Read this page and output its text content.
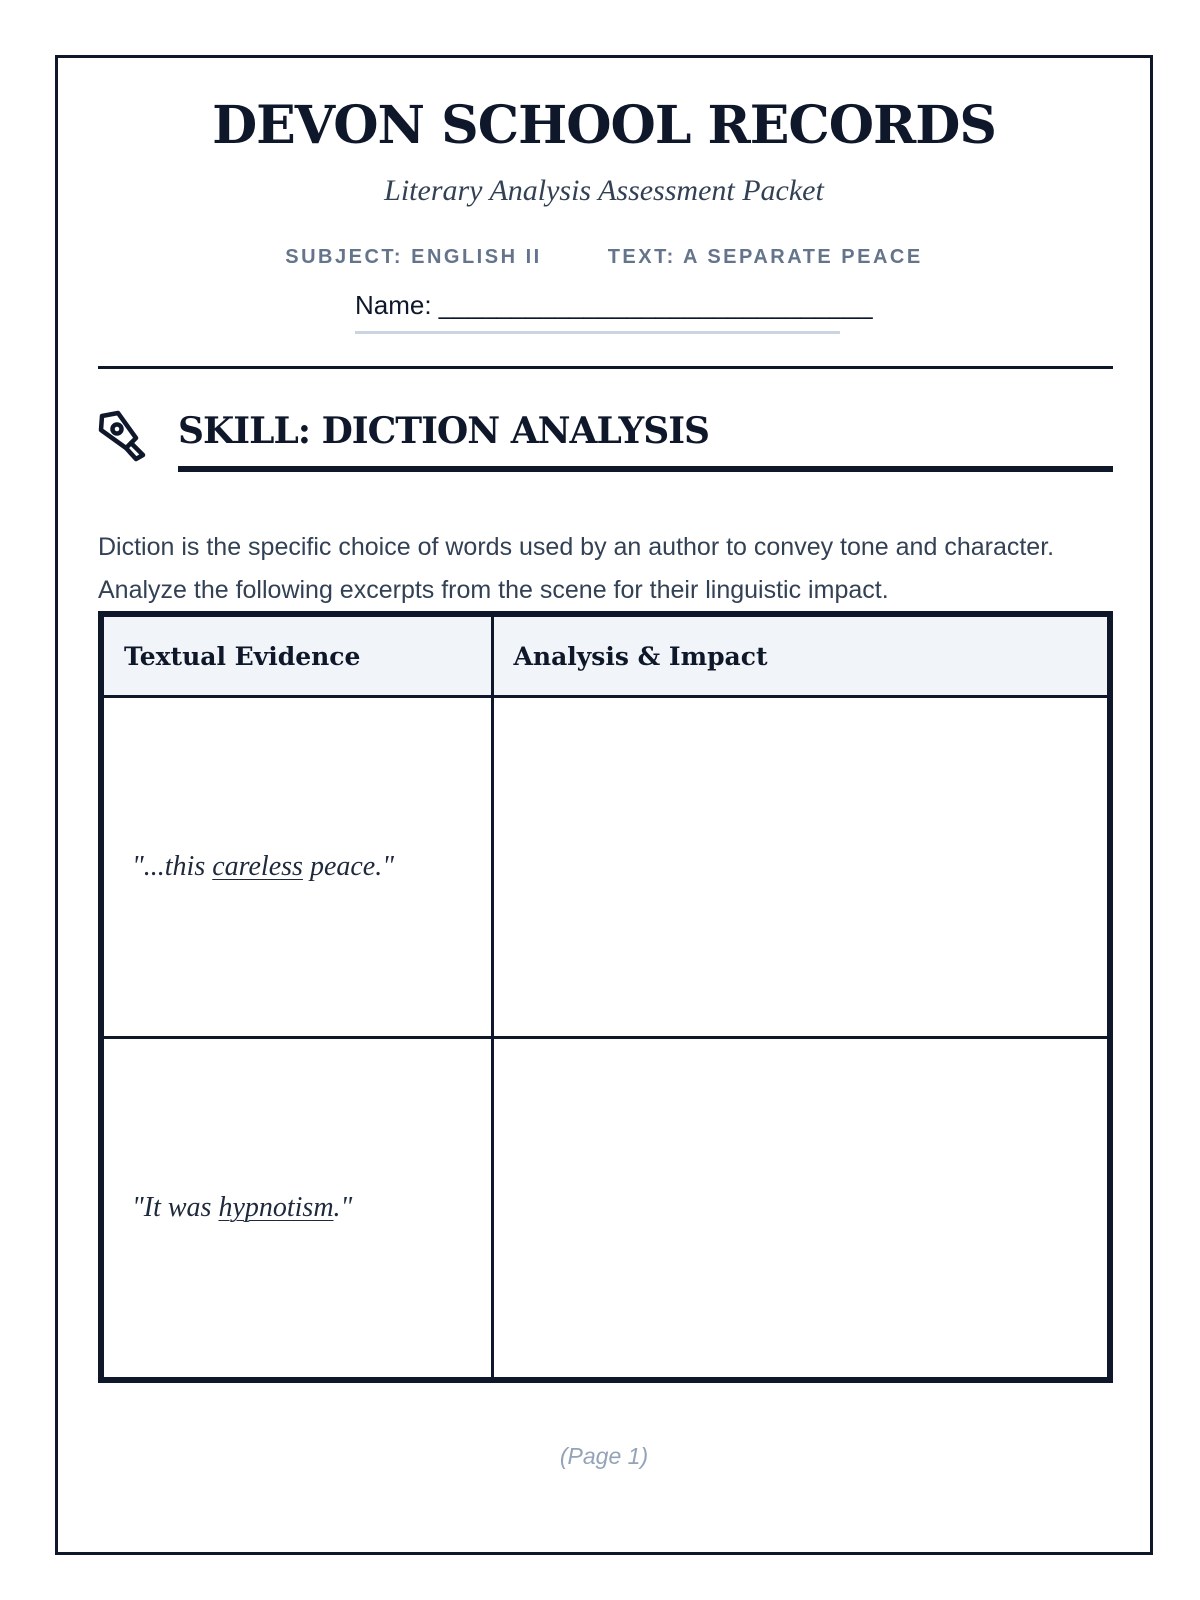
DEVON SCHOOL RECORDS
Literary Analysis Assessment Packet
SUBJECT: ENGLISH II	TEXT: A SEPARATE PEACE
Name: ______________________________
SKILL: DICTION ANALYSIS

Diction is the specific choice of words used by an author to convey tone and character. Analyze the following excerpts from the scene for their linguistic impact.

Textual Evidence	Analysis & Impact
"...this careless peace."	
"It was hypnotism."	
(Page 1)
